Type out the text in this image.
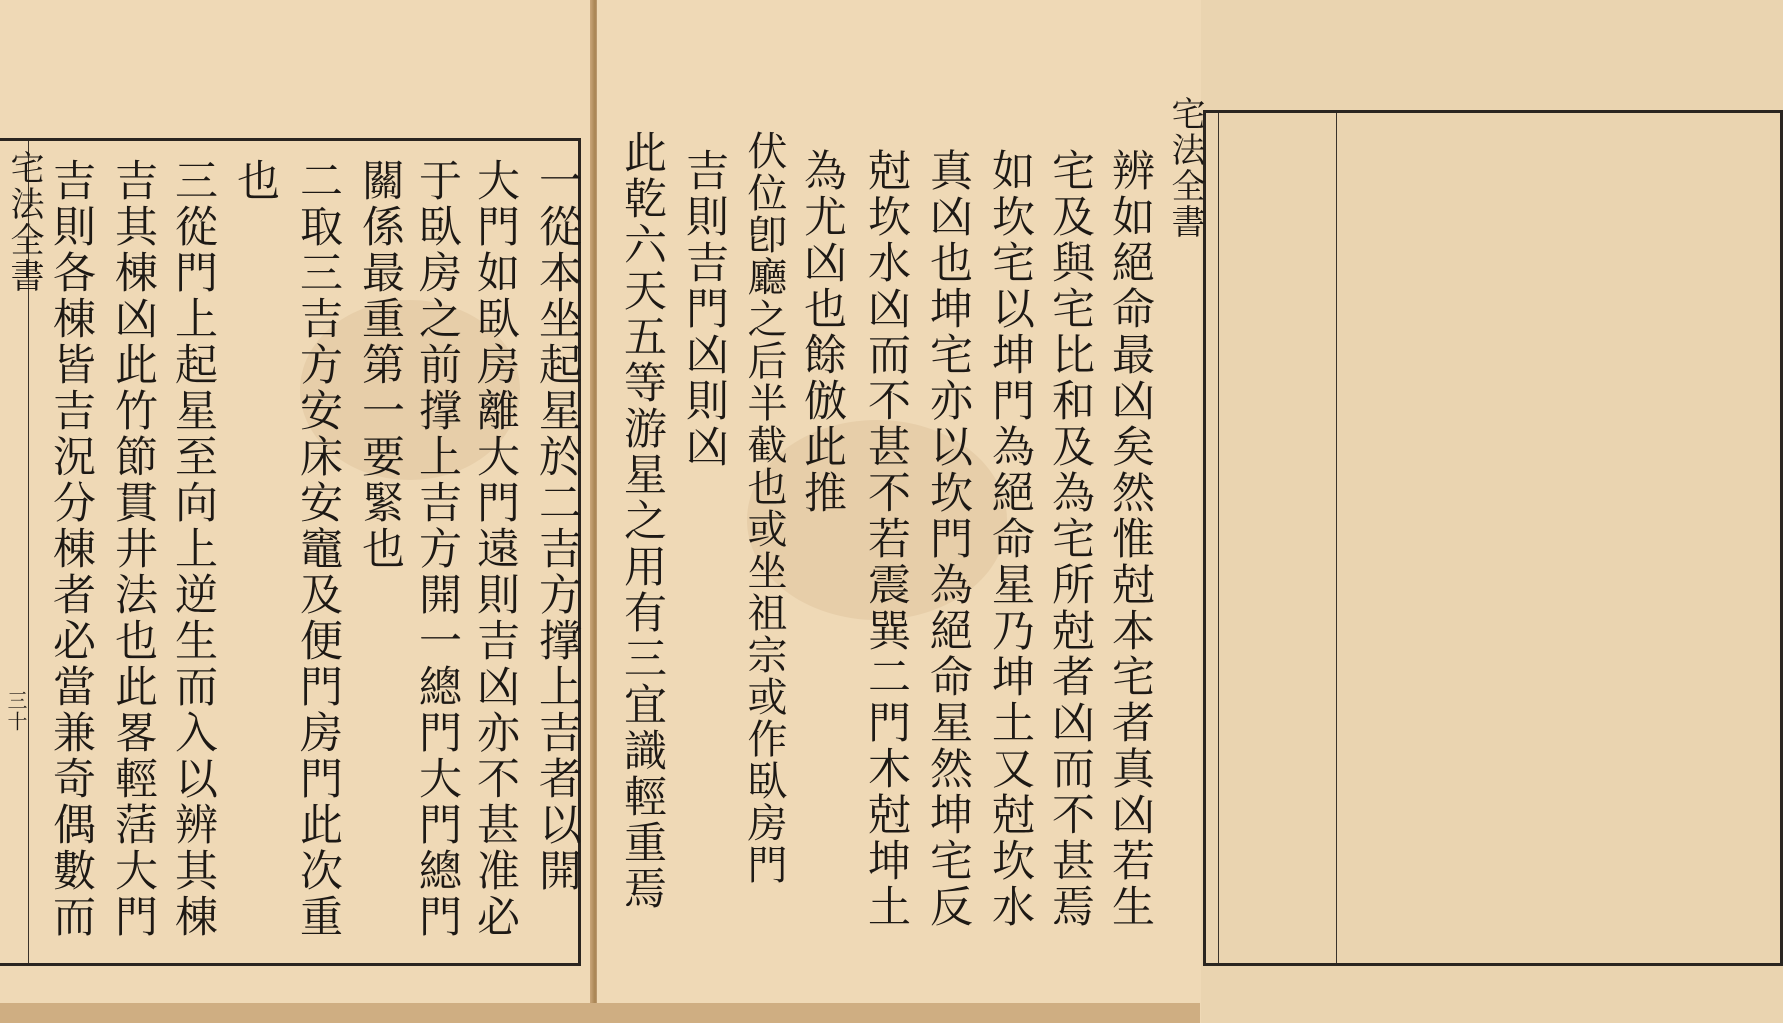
宅法全書
三十	一從本坐起星於二吉方撑上吉者以開
大門如臥房離大門遠則吉凶亦不甚准必
于臥房之前撑上吉方開一總門大門總門
關係最重第一要緊也
二取三吉方安床安竈及便門房門此次重
也
三從門上起星至向上逆生而入以辨其棟
吉其棟凶此竹節貫井法也此畧輕萿大門
吉則各棟皆吉況分棟者必當兼奇偶數而	宅法全書
辨如絕命最凶矣然惟尅本宅者真凶若生
宅及與宅比和及為宅所尅者凶而不甚焉
如坎宅以坤門為絕命星乃坤土又尅坎水
真凶也坤宅亦以坎門為絕命星然坤宅反
尅坎水凶而不甚不若震巽二門木尅坤土
為尤凶也餘倣此推
伏位卽廳之后半截也或坐祖宗或作臥房門
吉則吉門凶則凶
此乾六天五等游星之用有三宜識輕重焉
